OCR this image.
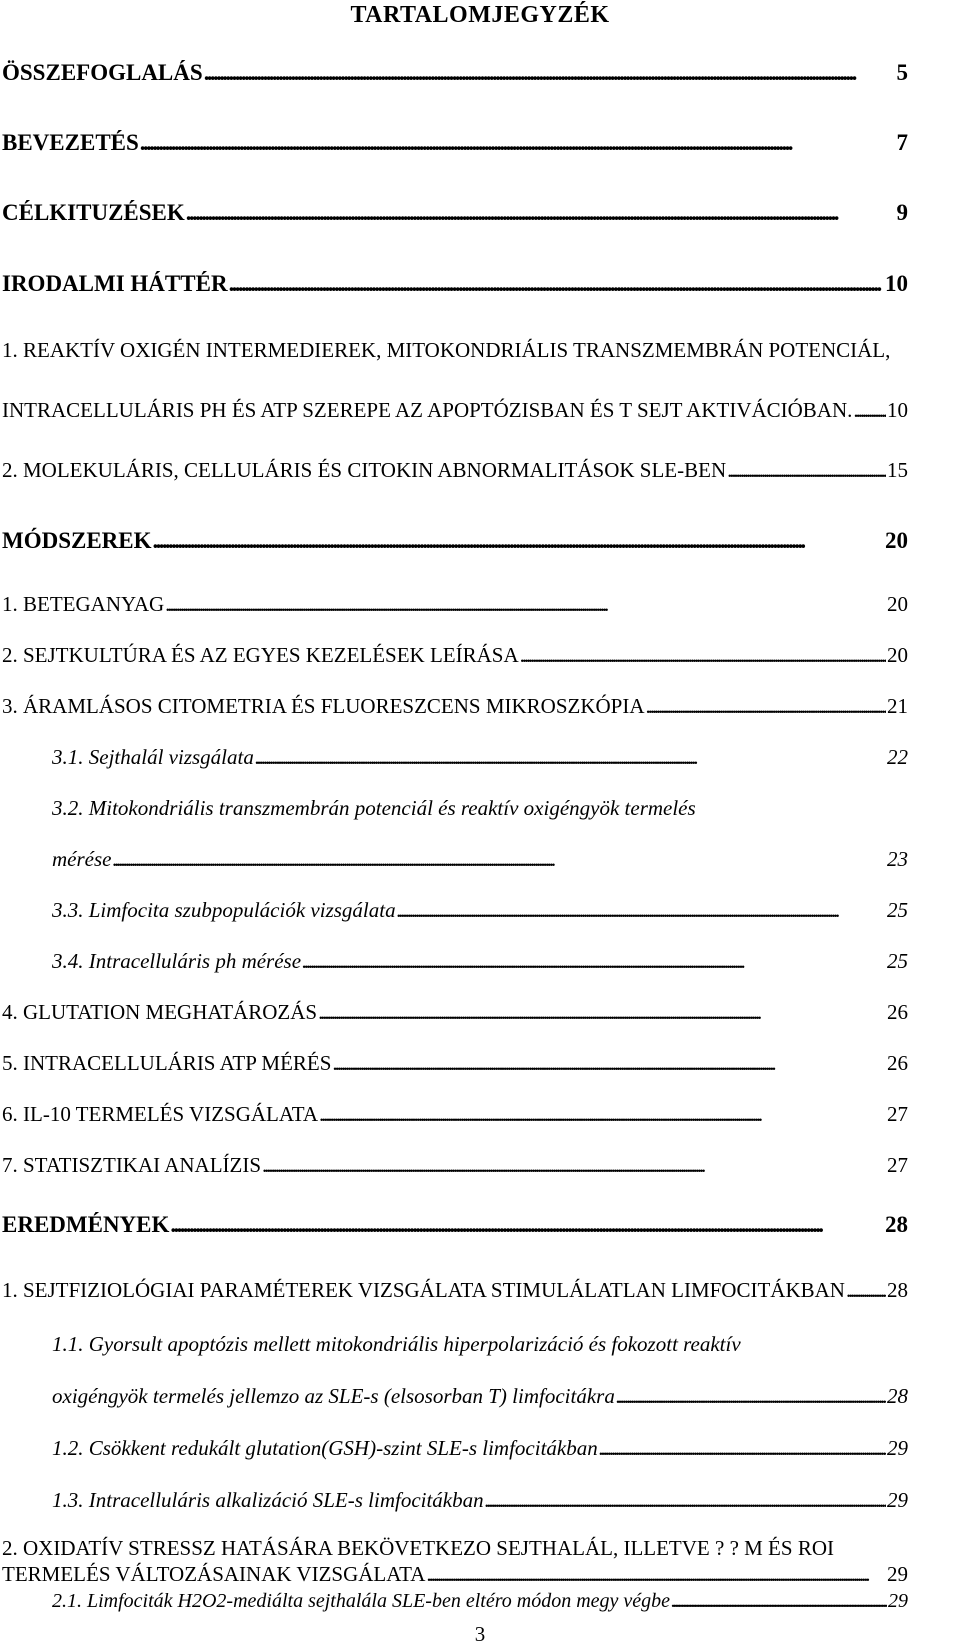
TARTALOMJEGYZÉK
ÖSSZEFOGLALÁS . . .	5
BEVEZETÉS . . .	7
CÉLKITUZÉSEK . . .	9
IRODALMI HÁTTÉR . . .	10
1. REAKTÍV OXIGÉN INTERMEDIEREK, MITOKONDRIÁLIS TRANSZMEMBRÁN POTENCIÁL,
INTRACELLULÁRIS PH ÉS ATP SZEREPE AZ APOPTÓZISBAN ÉS T SEJT AKTIVÁCIÓBAN. . . . 10
2. MOLEKULÁRIS, CELLULÁRIS ÉS CITOKIN ABNORMALITÁSOK SLE-BEN . . .	15
MÓDSZEREK . . .	20
1. BETEGANYAG . . .	20
2. SEJTKULTÚRA ÉS AZ EGYES KEZELÉSEK LEÍRÁSA . . .	20
3. ÁRAMLÁSOS CITOMETRIA ÉS FLUORESZCENS MIKROSZKÓPIA . . .	21
3.1. Sejthalál vizsgálata . . .	22
3.2. Mitokondriális transzmembrán potenciál és reaktív oxigéngyök termelés
mérése . . .	23
3.3. Limfocita szubpopulációk vizsgálata . . .	25
3.4. Intracelluláris ph mérése . . .	25
4. GLUTATION MEGHATÁROZÁS . . .	26
5. INTRACELLULÁRIS ATP MÉRÉS . . .	26
6. IL-10 TERMELÉS VIZSGÁLATA . . .	27
7. STATISZTIKAI ANALÍZIS . . .	27
EREDMÉNYEK . . .	28
1. SEJTFIZIOLÓGIAI PARAMÉTEREK VIZSGÁLATA STIMULÁLATLAN LIMFOCITÁKBAN . . . 28
1.1. Gyorsult apoptózis mellett mitokondriális hiperpolarizáció és fokozott reaktív
oxigéngyök termelés jellemzo az SLE-s (elsosorban T) limfocitákra . . .	28
1.2. Csökkent redukált glutation(GSH)-szint SLE-s limfocitákban . . .	29
1.3. Intracelluláris alkalizáció SLE-s limfocitákban . . .	29
2. OXIDATÍV STRESSZ HATÁSÁRA BEKÖVETKEZO SEJTHALÁL, ILLETVE ? ? M ÉS ROI
TERMELÉS VÁLTOZÁSAINAK VIZSGÁLATA . . .	29
2.1. Limfociták H2O2-mediálta sejthalála SLE-ben eltéro módon megy végbe . . .	29
3
